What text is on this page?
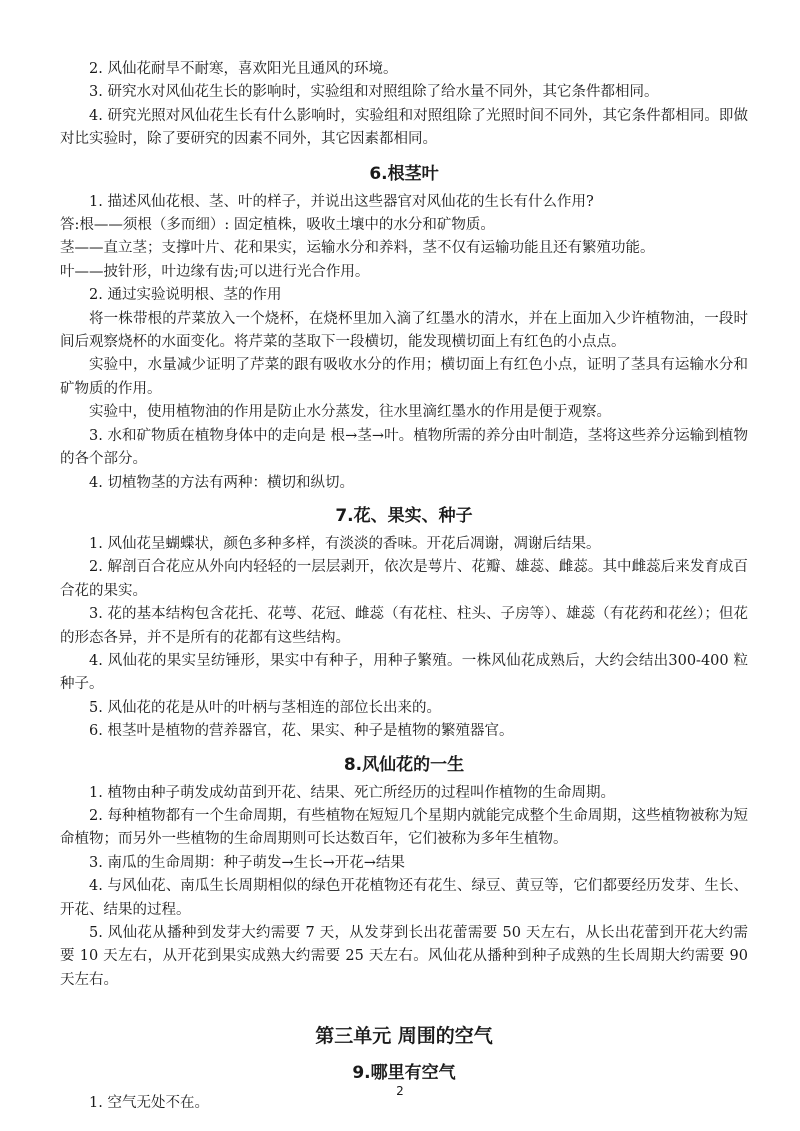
2. 风仙花耐旱不耐寒，喜欢阳光且通风的环境。

3. 研究水对风仙花生长的影响时，实验组和对照组除了给水量不同外，其它条件都相同。

4. 研究光照对风仙花生长有什么影响时，实验组和对照组除了光照时间不同外，其它条件都相同。即做对比实验时，除了要研究的因素不同外，其它因素都相同。

6.根茎叶

1. 描述风仙花根、茎、叶的样子，并说出这些器官对风仙花的生长有什么作用?

答:根——须根（多而细）: 固定植株，吸收土壤中的水分和矿物质。

茎——直立茎；支撑叶片、花和果实，运输水分和养料，茎不仅有运输功能且还有繁殖功能。

叶——披针形，叶边缘有齿;可以进行光合作用。

2. 通过实验说明根、茎的作用

将一株带根的芹菜放入一个烧杯，在烧杯里加入滴了红墨水的清水，并在上面加入少许植物油，一段时间后观察烧杯的水面变化。将芹菜的茎取下一段横切，能发现横切面上有红色的小点点。

实验中，水量减少证明了芹菜的跟有吸收水分的作用；横切面上有红色小点，证明了茎具有运输水分和矿物质的作用。

实验中，使用植物油的作用是防止水分蒸发，往水里滴红墨水的作用是便于观察。

3. 水和矿物质在植物身体中的走向是 根→茎→叶。植物所需的养分由叶制造，茎将这些养分运输到植物的各个部分。

4. 切植物茎的方法有两种：横切和纵切。

7.花、果实、种子

1. 风仙花呈蝴蝶状，颜色多种多样，有淡淡的香味。开花后凋谢，凋谢后结果。

2. 解剖百合花应从外向内轻轻的一层层剥开，依次是萼片、花瓣、雄蕊、雌蕊。其中雌蕊后来发育成百合花的果实。

3. 花的基本结构包含花托、花萼、花冠、雌蕊（有花柱、柱头、子房等）、雄蕊（有花药和花丝）；但花的形态各异，并不是所有的花都有这些结构。

4. 风仙花的果实呈纺锤形，果实中有种子，用种子繁殖。一株风仙花成熟后，大约会结出300-400 粒种子。

5. 风仙花的花是从叶的叶柄与茎相连的部位长出来的。

6. 根茎叶是植物的营养器官，花、果实、种子是植物的繁殖器官。

8.风仙花的一生

1. 植物由种子萌发成幼苗到开花、结果、死亡所经历的过程叫作植物的生命周期。

2. 每种植物都有一个生命周期，有些植物在短短几个星期内就能完成整个生命周期，这些植物被称为短命植物；而另外一些植物的生命周期则可长达数百年，它们被称为多年生植物。

3. 南瓜的生命周期：种子萌发→生长→开花→结果

4. 与风仙花、南瓜生长周期相似的绿色开花植物还有花生、绿豆、黄豆等，它们都要经历发芽、生长、开花、结果的过程。

5. 风仙花从播种到发芽大约需要 7 天，从发芽到长出花蕾需要 50 天左右，从长出花蕾到开花大约需要 10 天左右，从开花到果实成熟大约需要 25 天左右。风仙花从播种到种子成熟的生长周期大约需要 90 天左右。

第三单元 周围的空气
9.哪里有空气

1. 空气无处不在。

2
